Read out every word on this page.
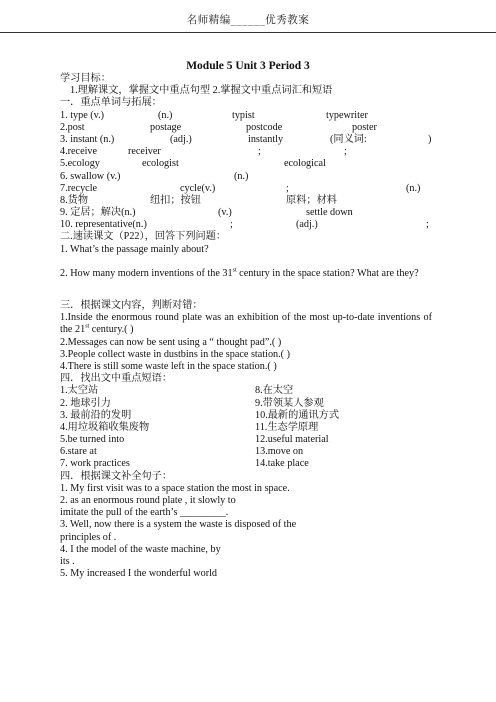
名师精编______优秀教案
Module 5 Unit 3 Period 3
学习目标：
1.理解课文，掌握文中重点句型 2.掌握文中重点词汇和短语
一．重点单词与拓展：
1. type (v.)	(n.)	typist	typewriter
2.post	postage	postcode	poster
3. instant (n.)	(adj.)	instantly	(同义词:	)
4.receive	receiver	;	;
5.ecology	ecologist	ecological
6. swallow (v.)	(n.)
7.recycle	cycle(v.)	;	(n.)
8.货物	纽扣；按钮	原料；材料
9. 定居；解决(n.)	(v.)	settle down
10. representative(n.)	;	(adj.)	;
二.速读课文（P22），回答下列问题：
1. What’s the passage mainly about?
2. How many modern inventions of the 31st century in the space station? What are they?
三．根据课文内容，判断对错：
1.Inside the enormous round plate was an exhibition of the most up-to-date inventions of the 21st century.( )
2.Messages can now be sent using a “ thought pad”.( )
3.People collect waste in dustbins in the space station.( )
4.There is still some waste left in the space station.( )
四．找出文中重点短语：
1.太空站	8.在太空
2. 地球引力	9.带领某人参观
3. 最前沿的发明	10.最新的通讯方式
4.用垃圾箱收集废物	11.生态学原理
5.be turned into	12.useful material
6.stare at	13.move on
7. work practices	14.take place
四．根据课文补全句子：
1. My first visit was to a space station the most in space.
2. as an enormous round plate , it slowly to
imitate the pull of the earth’s _________.
3. Well, now there is a system the waste is disposed of the
principles of .
4. I the model of the waste machine, by
its .
5. My increased I the wonderful world
